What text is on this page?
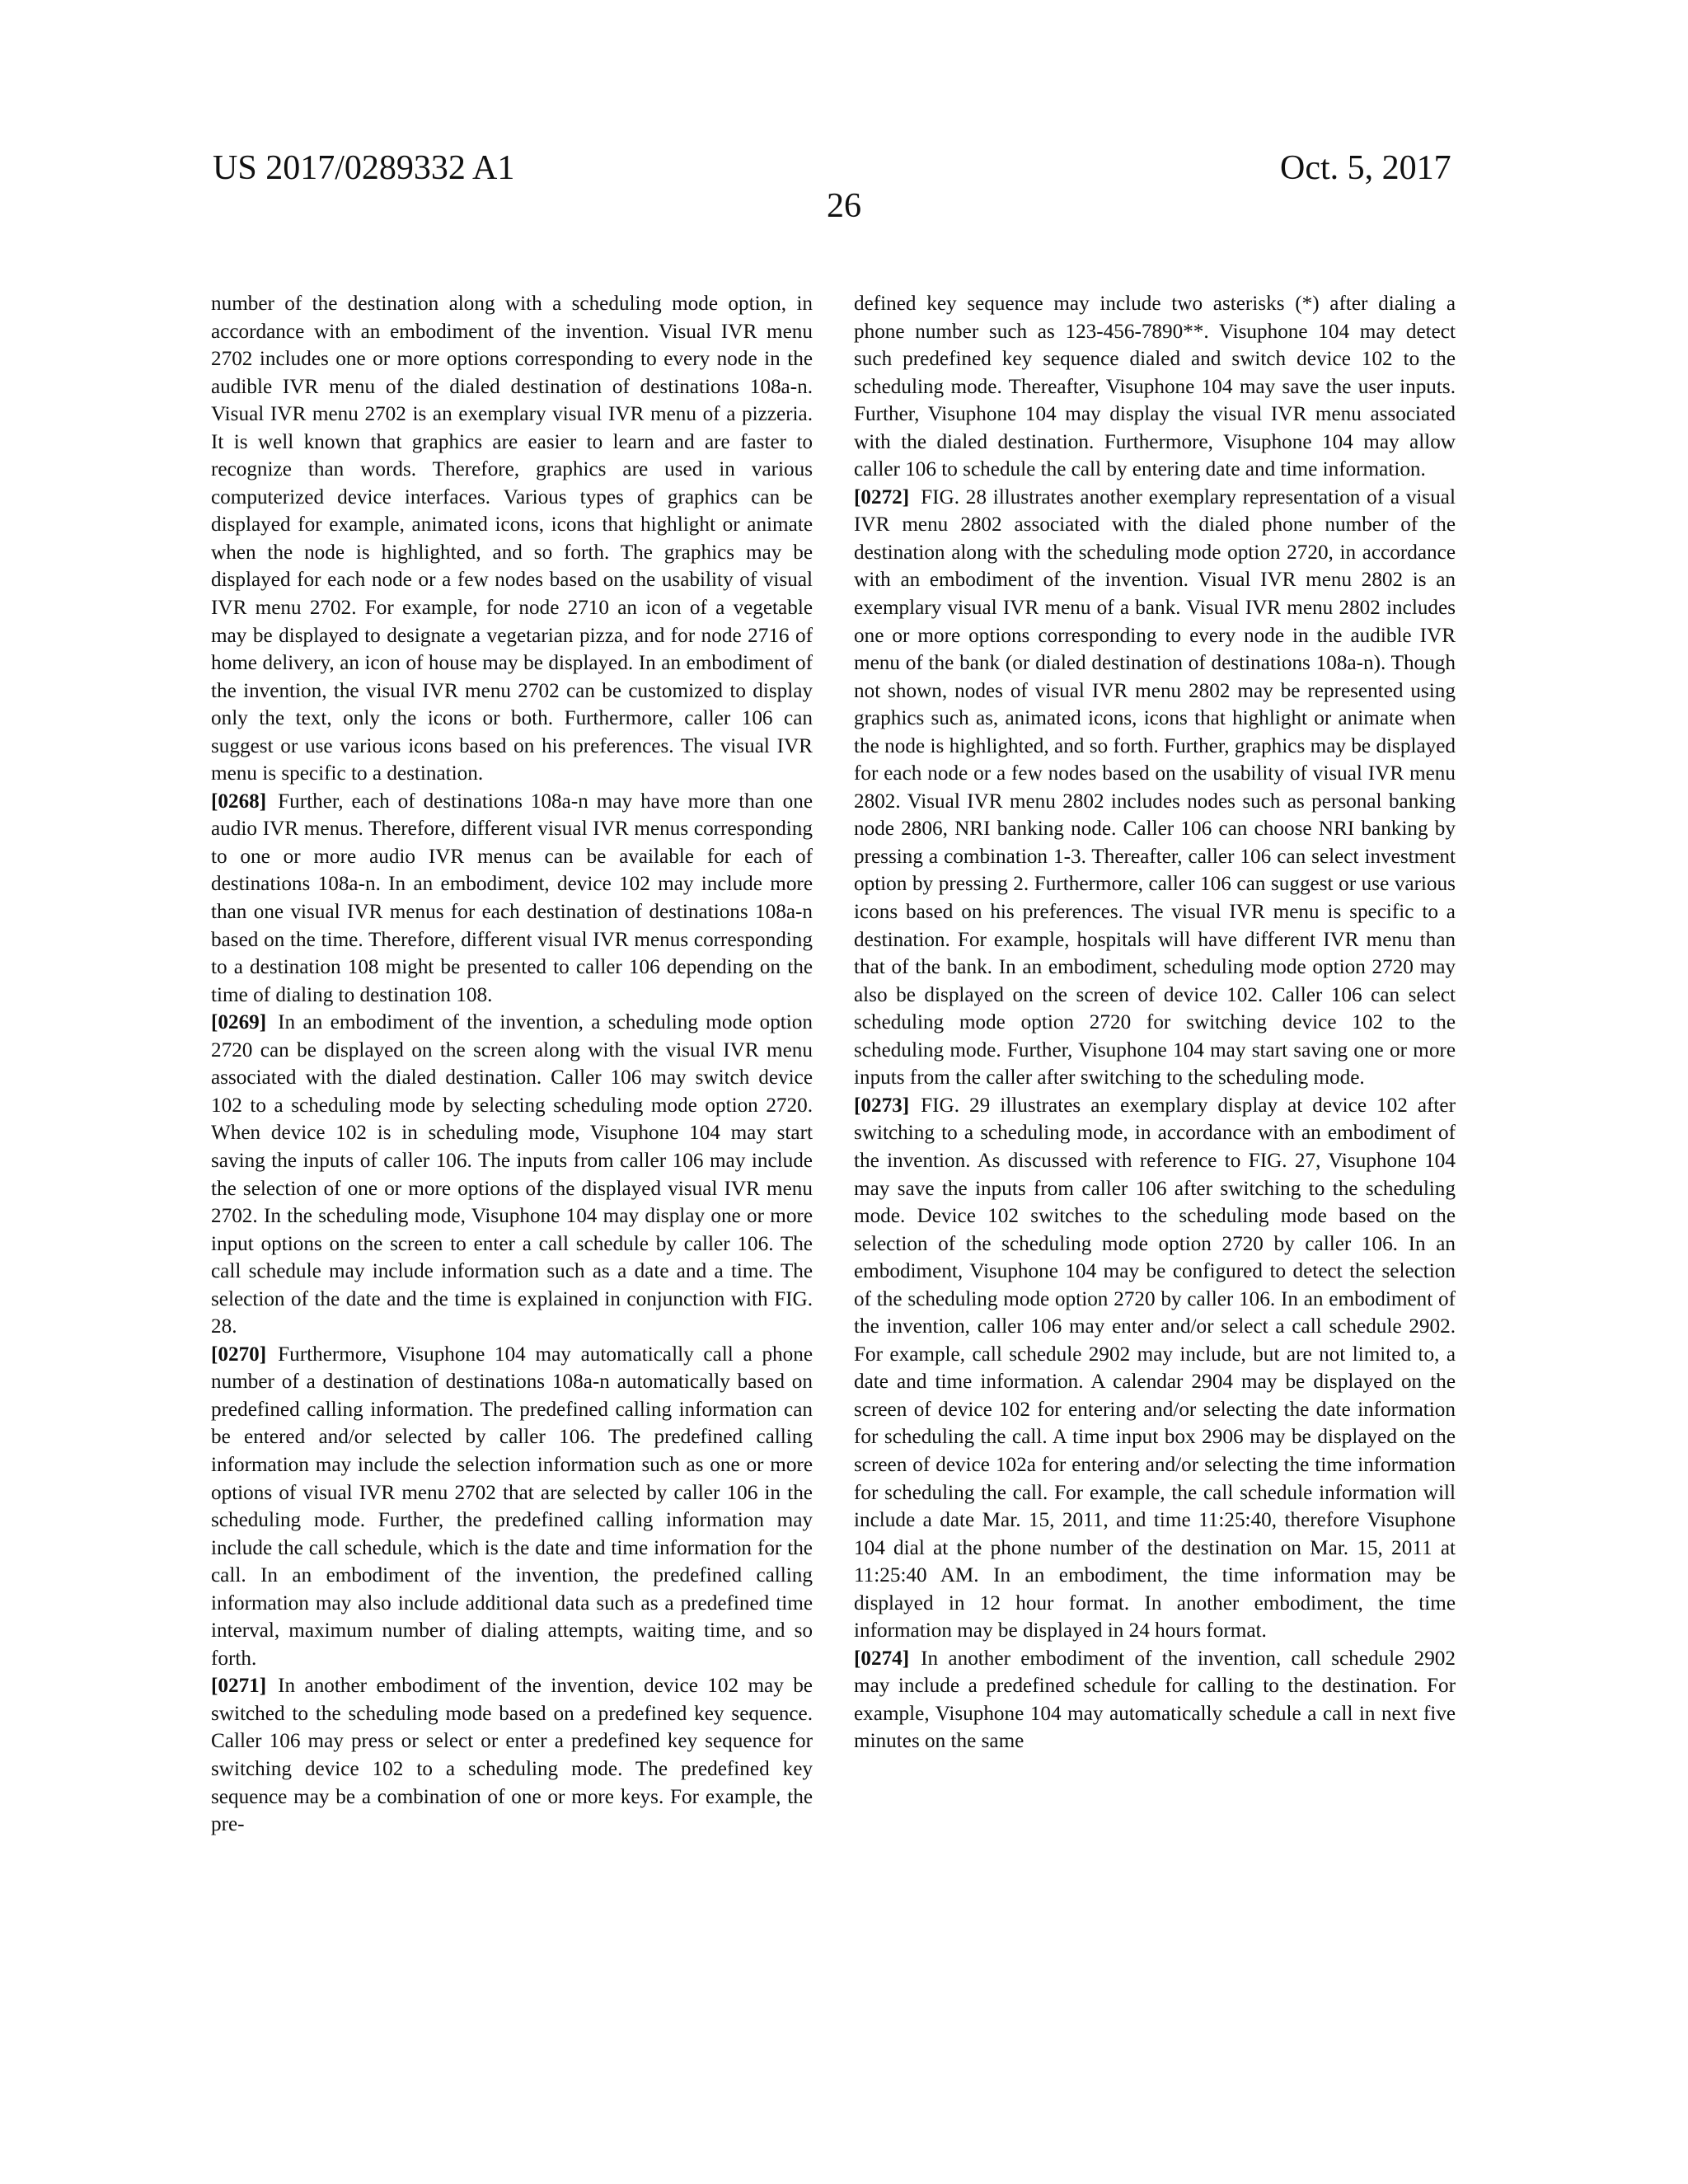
US 2017/0289332 A1	Oct. 5, 2017
26

number of the destination along with a scheduling mode option, in accordance with an embodiment of the invention. Visual IVR menu 2702 includes one or more options corresponding to every node in the audible IVR menu of the dialed destination of destinations 108a-n. Visual IVR menu 2702 is an exemplary visual IVR menu of a pizzeria. It is well known that graphics are easier to learn and are faster to recognize than words. Therefore, graphics are used in various computerized device interfaces. Various types of graphics can be displayed for example, animated icons, icons that highlight or animate when the node is highlighted, and so forth. The graphics may be displayed for each node or a few nodes based on the usability of visual IVR menu 2702. For example, for node 2710 an icon of a vegetable may be displayed to designate a vegetarian pizza, and for node 2716 of home delivery, an icon of house may be displayed. In an embodiment of the invention, the visual IVR menu 2702 can be customized to display only the text, only the icons or both. Furthermore, caller 106 can suggest or use various icons based on his preferences. The visual IVR menu is specific to a destination.

[0268] Further, each of destinations 108a-n may have more than one audio IVR menus. Therefore, different visual IVR menus corresponding to one or more audio IVR menus can be available for each of destinations 108a-n. In an embodiment, device 102 may include more than one visual IVR menus for each destination of destinations 108a-n based on the time. Therefore, different visual IVR menus corresponding to a destination 108 might be presented to caller 106 depending on the time of dialing to destination 108.

[0269] In an embodiment of the invention, a scheduling mode option 2720 can be displayed on the screen along with the visual IVR menu associated with the dialed destination. Caller 106 may switch device 102 to a scheduling mode by selecting scheduling mode option 2720. When device 102 is in scheduling mode, Visuphone 104 may start saving the inputs of caller 106. The inputs from caller 106 may include the selection of one or more options of the displayed visual IVR menu 2702. In the scheduling mode, Visuphone 104 may display one or more input options on the screen to enter a call schedule by caller 106. The call schedule may include information such as a date and a time. The selection of the date and the time is explained in conjunction with FIG. 28.

[0270] Furthermore, Visuphone 104 may automatically call a phone number of a destination of destinations 108a-n automatically based on predefined calling information. The predefined calling information can be entered and/or selected by caller 106. The predefined calling information may include the selection information such as one or more options of visual IVR menu 2702 that are selected by caller 106 in the scheduling mode. Further, the predefined calling information may include the call schedule, which is the date and time information for the call. In an embodiment of the invention, the predefined calling information may also include additional data such as a predefined time interval, maximum number of dialing attempts, waiting time, and so forth.

[0271] In another embodiment of the invention, device 102 may be switched to the scheduling mode based on a predefined key sequence. Caller 106 may press or select or enter a predefined key sequence for switching device 102 to a scheduling mode. The predefined key sequence may be a combination of one or more keys. For example, the pre-

defined key sequence may include two asterisks (*) after dialing a phone number such as 123-456-7890**. Visuphone 104 may detect such predefined key sequence dialed and switch device 102 to the scheduling mode. Thereafter, Visuphone 104 may save the user inputs. Further, Visuphone 104 may display the visual IVR menu associated with the dialed destination. Furthermore, Visuphone 104 may allow caller 106 to schedule the call by entering date and time information.

[0272] FIG. 28 illustrates another exemplary representation of a visual IVR menu 2802 associated with the dialed phone number of the destination along with the scheduling mode option 2720, in accordance with an embodiment of the invention. Visual IVR menu 2802 is an exemplary visual IVR menu of a bank. Visual IVR menu 2802 includes one or more options corresponding to every node in the audible IVR menu of the bank (or dialed destination of destinations 108a-n). Though not shown, nodes of visual IVR menu 2802 may be represented using graphics such as, animated icons, icons that highlight or animate when the node is highlighted, and so forth. Further, graphics may be displayed for each node or a few nodes based on the usability of visual IVR menu 2802. Visual IVR menu 2802 includes nodes such as personal banking node 2806, NRI banking node. Caller 106 can choose NRI banking by pressing a combination 1-3. Thereafter, caller 106 can select investment option by pressing 2. Furthermore, caller 106 can suggest or use various icons based on his preferences. The visual IVR menu is specific to a destination. For example, hospitals will have different IVR menu than that of the bank. In an embodiment, scheduling mode option 2720 may also be displayed on the screen of device 102. Caller 106 can select scheduling mode option 2720 for switching device 102 to the scheduling mode. Further, Visuphone 104 may start saving one or more inputs from the caller after switching to the scheduling mode.

[0273] FIG. 29 illustrates an exemplary display at device 102 after switching to a scheduling mode, in accordance with an embodiment of the invention. As discussed with reference to FIG. 27, Visuphone 104 may save the inputs from caller 106 after switching to the scheduling mode. Device 102 switches to the scheduling mode based on the selection of the scheduling mode option 2720 by caller 106. In an embodiment, Visuphone 104 may be configured to detect the selection of the scheduling mode option 2720 by caller 106. In an embodiment of the invention, caller 106 may enter and/or select a call schedule 2902. For example, call schedule 2902 may include, but are not limited to, a date and time information. A calendar 2904 may be displayed on the screen of device 102 for entering and/or selecting the date information for scheduling the call. A time input box 2906 may be displayed on the screen of device 102a for entering and/or selecting the time information for scheduling the call. For example, the call schedule information will include a date Mar. 15, 2011, and time 11:25:40, therefore Visuphone 104 dial at the phone number of the destination on Mar. 15, 2011 at 11:25:40 AM. In an embodiment, the time information may be displayed in 12 hour format. In another embodiment, the time information may be displayed in 24 hours format.

[0274] In another embodiment of the invention, call schedule 2902 may include a predefined schedule for calling to the destination. For example, Visuphone 104 may automatically schedule a call in next five minutes on the same
